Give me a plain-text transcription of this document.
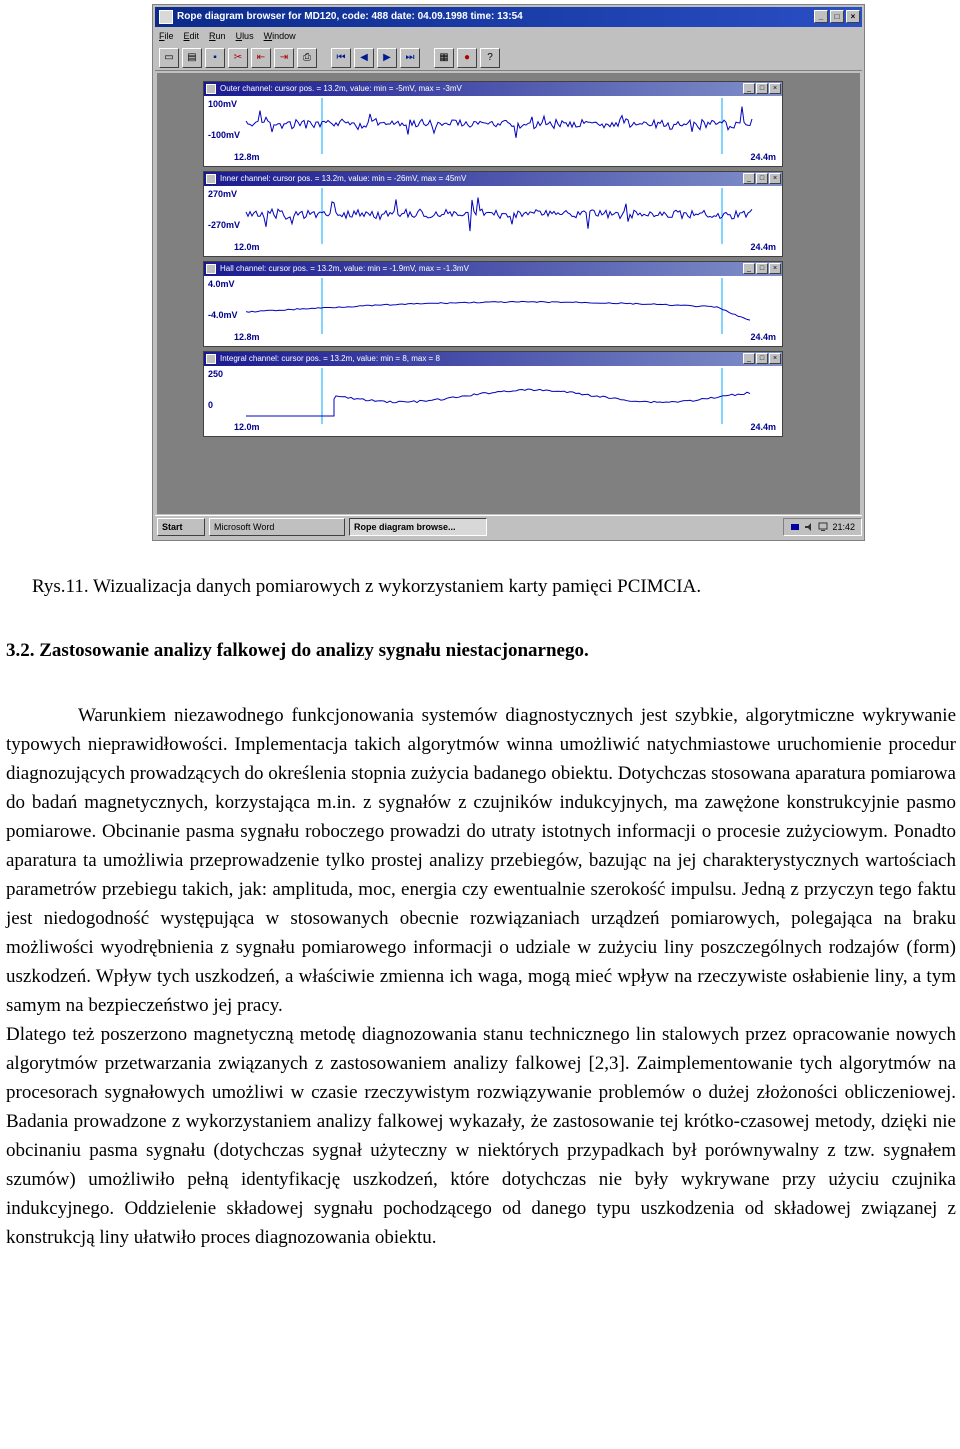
Rope diagram browser for MD120, code: 488 date: 04.09.1998 time: 13:54	_	□	×
File Edit Run Ulus Window
▭	▤	▪	✂	⇤	⇥	⎙	⏮	◀	▶	⏭	▦	●	?
Outer channel: cursor pos. = 13.2m, value: min = -5mV, max = -3mV	_	□	×
100mV
-100mV
12.8m	24.4m
Inner channel: cursor pos. = 13.2m, value: min = -26mV, max = 45mV	_	□	×
270mV
-270mV
12.0m	24.4m
Hall channel: cursor pos. = 13.2m, value: min = -1.9mV, max = -1.3mV	_	□	×
4.0mV
-4.0mV
12.8m	24.4m
Integral channel: cursor pos. = 13.2m, value: min = 8, max = 8	_	□	×
250
0
12.0m	24.4m
Start	Microsoft Word	Rope diagram browse...	21:42
Rys.11. Wizualizacja danych pomiarowych z wykorzystaniem karty pamięci PCIMCIA.
3.2. Zastosowanie analizy falkowej do analizy sygnału niestacjonarnego.

Warunkiem niezawodnego funkcjonowania systemów diagnostycznych jest szybkie, algorytmiczne wykrywanie typowych nieprawidłowości. Implementacja takich algorytmów winna umożliwić natychmiastowe uruchomienie procedur diagnozujących prowadzących do określenia stopnia zużycia badanego obiektu. Dotychczas stosowana aparatura pomiarowa do badań magnetycznych, korzystająca m.in. z sygnałów z czujników indukcyjnych, ma zawężone konstrukcyjnie pasmo pomiarowe. Obcinanie pasma sygnału roboczego prowadzi do utraty istotnych informacji o procesie zużyciowym. Ponadto aparatura ta umożliwia przeprowadzenie tylko prostej analizy przebiegów, bazując na jej charakterystycznych wartościach parametrów przebiegu takich, jak: amplituda, moc, energia czy ewentualnie szerokość impulsu. Jedną z przyczyn tego faktu jest niedogodność występująca w stosowanych obecnie rozwiązaniach urządzeń pomiarowych, polegająca na braku możliwości wyodrębnienia z sygnału pomiarowego informacji o udziale w zużyciu liny poszczególnych rodzajów (form) uszkodzeń. Wpływ tych uszkodzeń, a właściwie zmienna ich waga, mogą mieć wpływ na rzeczywiste osłabienie liny, a tym samym na bezpieczeństwo jej pracy.

Dlatego też poszerzono magnetyczną metodę diagnozowania stanu technicznego lin stalowych przez opracowanie nowych algorytmów przetwarzania związanych z zastosowaniem analizy falkowej [2,3]. Zaimplementowanie tych algorytmów na procesorach sygnałowych umożliwi w czasie rzeczywistym rozwiązywanie problemów o dużej złożoności obliczeniowej. Badania prowadzone z wykorzystaniem analizy falkowej wykazały, że zastosowanie tej krótko-czasowej metody, dzięki nie obcinaniu pasma sygnału (dotychczas sygnał użyteczny w niektórych przypadkach był porównywalny z tzw. sygnałem szumów) umożliwiło pełną identyfikację uszkodzeń, które dotychczas nie były wykrywane przy użyciu czujnika indukcyjnego. Oddzielenie składowej sygnału pochodzącego od danego typu uszkodzenia od składowej związanej z konstrukcją liny ułatwiło proces diagnozowania obiektu.
